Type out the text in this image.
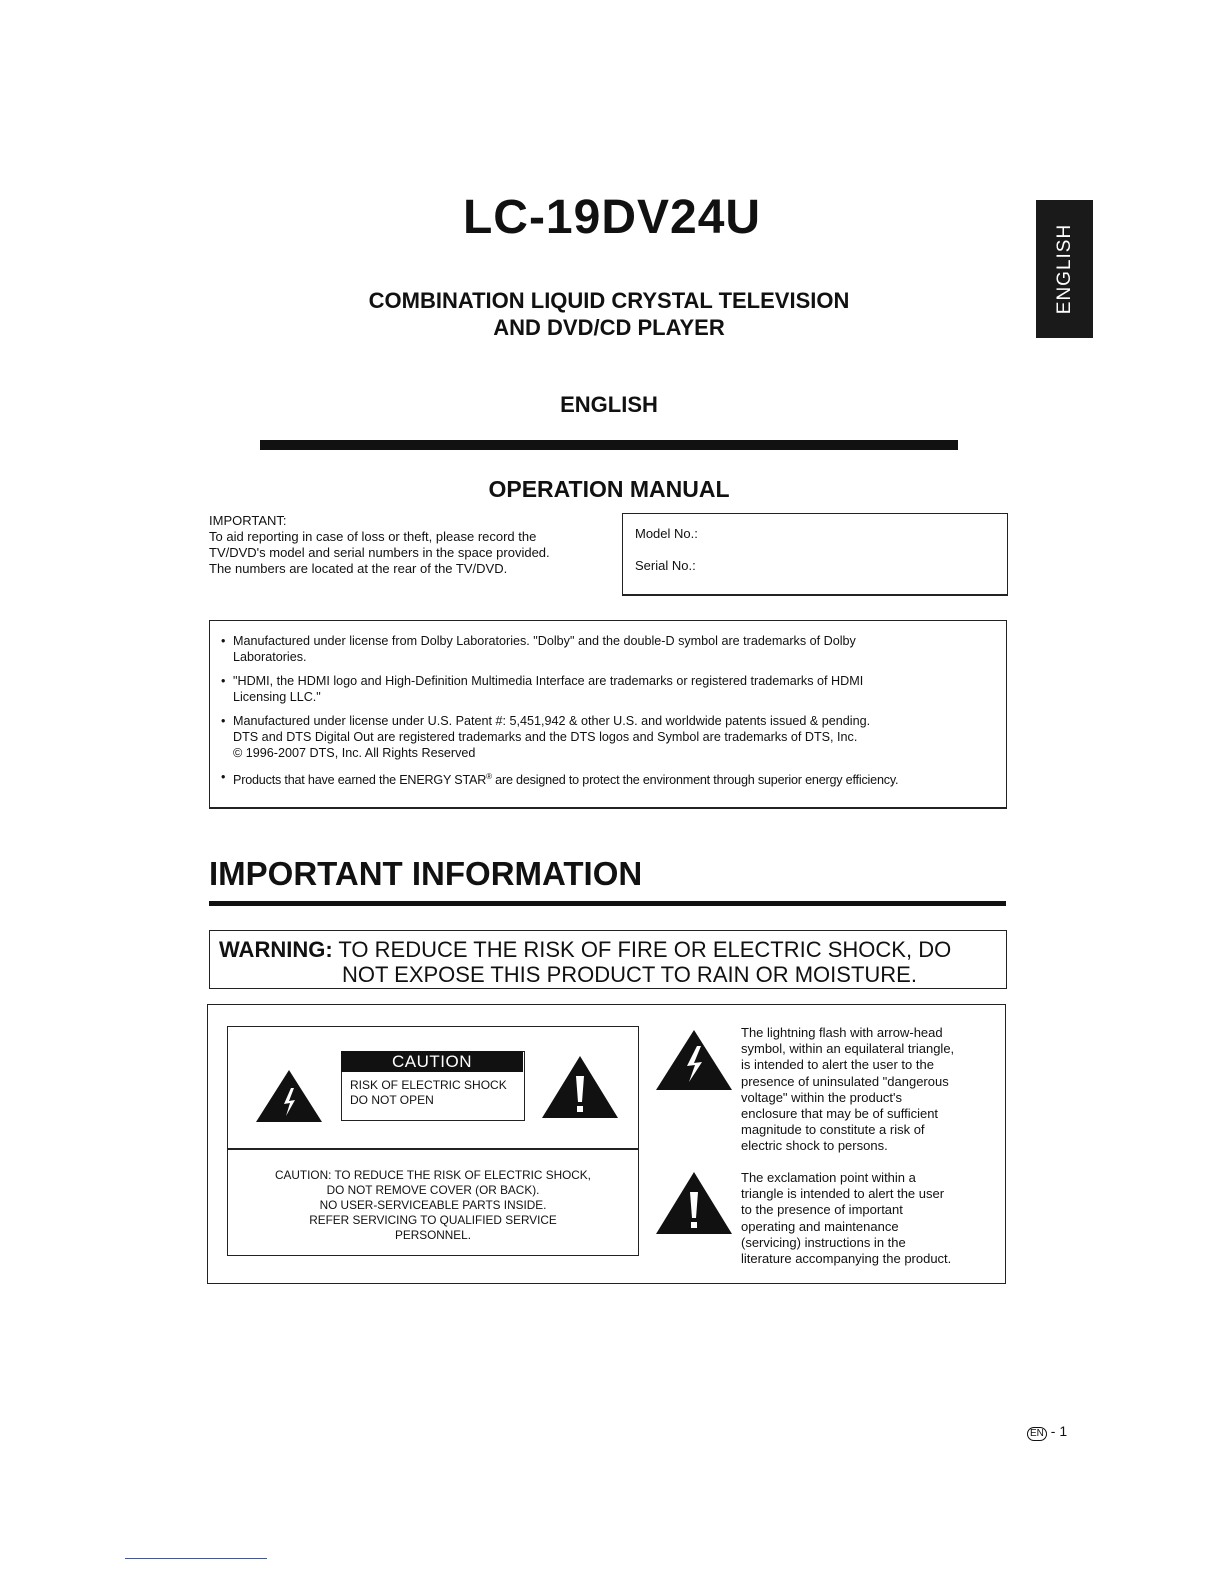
ENGLISH
LC-19DV24U
COMBINATION LIQUID CRYSTAL TELEVISION
AND DVD/CD PLAYER
ENGLISH
OPERATION MANUAL
IMPORTANT:
To aid reporting in case of loss or theft, please record the
TV/DVD's model and serial numbers in the space provided.
The numbers are located at the rear of the TV/DVD.
Model No.:
Serial No.:
• Manufactured under license from Dolby Laboratories. "Dolby" and the double-D symbol are trademarks of Dolby
Laboratories.
• "HDMI, the HDMI logo and High-Definition Multimedia Interface are trademarks or registered trademarks of HDMI
Licensing LLC."
• Manufactured under license under U.S. Patent #: 5,451,942 & other U.S. and worldwide patents issued & pending.
DTS and DTS Digital Out are registered trademarks and the DTS logos and Symbol are trademarks of DTS, Inc.
© 1996-2007 DTS, Inc. All Rights Reserved
• Products that have earned the ENERGY STAR® are designed to protect the environment through superior energy efficiency.
IMPORTANT INFORMATION
WARNING: TO REDUCE THE RISK OF FIRE OR ELECTRIC SHOCK, DO
NOT EXPOSE THIS PRODUCT TO RAIN OR MOISTURE.
CAUTION
RISK OF ELECTRIC SHOCK
DO NOT OPEN
CAUTION: TO REDUCE THE RISK OF ELECTRIC SHOCK,
DO NOT REMOVE COVER (OR BACK).
NO USER-SERVICEABLE PARTS INSIDE.
REFER SERVICING TO QUALIFIED SERVICE
PERSONNEL.
The lightning flash with arrow-head
symbol, within an equilateral triangle,
is intended to alert the user to the
presence of uninsulated "dangerous
voltage" within the product's
enclosure that may be of sufficient
magnitude to constitute a risk of
electric shock to persons.
The exclamation point within a
triangle is intended to alert the user
to the presence of important
operating and maintenance
(servicing) instructions in the
literature accompanying the product.
EN - 1
